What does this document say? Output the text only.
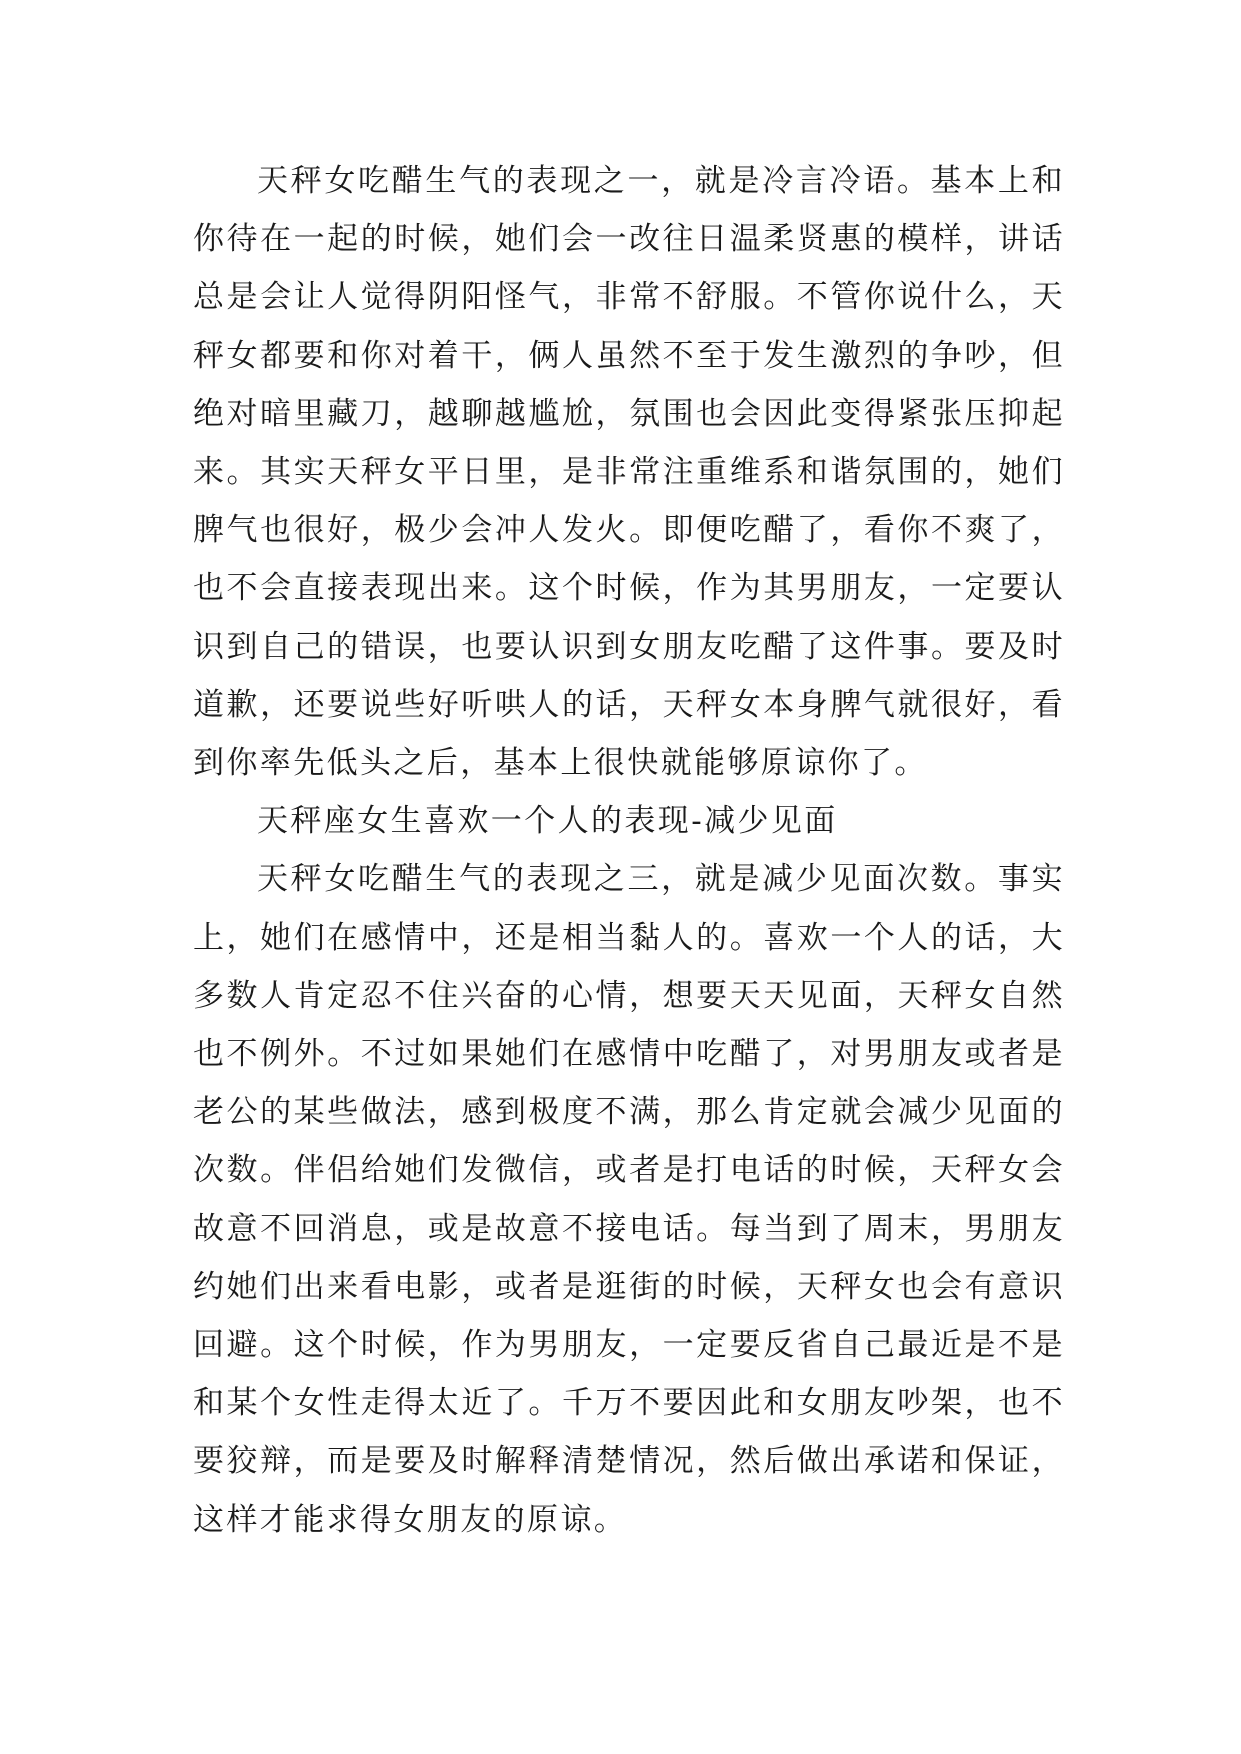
天秤女吃醋生气的表现之一，就是冷言冷语。基本上和你待在一起的时候，她们会一改往日温柔贤惠的模样，讲话总是会让人觉得阴阳怪气，非常不舒服。不管你说什么，天秤女都要和你对着干，俩人虽然不至于发生激烈的争吵，但绝对暗里藏刀，越聊越尴尬，氛围也会因此变得紧张压抑起来。其实天秤女平日里，是非常注重维系和谐氛围的，她们脾气也很好，极少会冲人发火。即便吃醋了，看你不爽了，也不会直接表现出来。这个时候，作为其男朋友，一定要认识到自己的错误，也要认识到女朋友吃醋了这件事。要及时道歉，还要说些好听哄人的话，天秤女本身脾气就很好，看到你率先低头之后，基本上很快就能够原谅你了。

天秤座女生喜欢一个人的表现-减少见面

天秤女吃醋生气的表现之三，就是减少见面次数。事实上，她们在感情中，还是相当黏人的。喜欢一个人的话，大多数人肯定忍不住兴奋的心情，想要天天见面，天秤女自然也不例外。不过如果她们在感情中吃醋了，对男朋友或者是老公的某些做法，感到极度不满，那么肯定就会减少见面的次数。伴侣给她们发微信，或者是打电话的时候，天秤女会故意不回消息，或是故意不接电话。每当到了周末，男朋友约她们出来看电影，或者是逛街的时候，天秤女也会有意识回避。这个时候，作为男朋友，一定要反省自己最近是不是和某个女性走得太近了。千万不要因此和女朋友吵架，也不要狡辩，而是要及时解释清楚情况，然后做出承诺和保证，这样才能求得女朋友的原谅。
